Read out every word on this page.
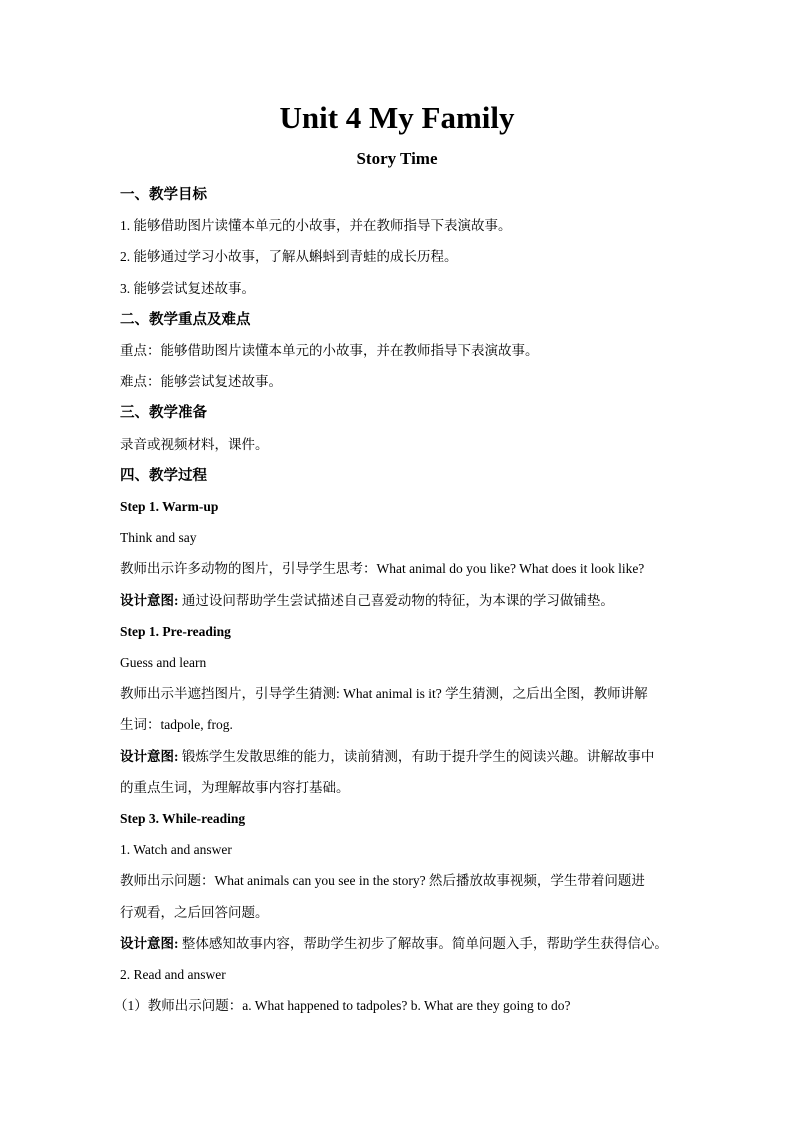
Unit 4 My Family
Story Time
一、教学目标
1. 能够借助图片读懂本单元的小故事，并在教师指导下表演故事。
2. 能够通过学习小故事，了解从蝌蚪到青蛙的成长历程。
3. 能够尝试复述故事。
二、教学重点及难点
重点：能够借助图片读懂本单元的小故事，并在教师指导下表演故事。
难点：能够尝试复述故事。
三、教学准备
录音或视频材料，课件。
四、教学过程
Step 1. Warm-up
Think and say
教师出示许多动物的图片，引导学生思考：What animal do you like? What does it look like?
设计意图: 通过设问帮助学生尝试描述自己喜爱动物的特征，为本课的学习做铺垫。
Step 1. Pre-reading
Guess and learn
教师出示半遮挡图片，引导学生猜测: What animal is it? 学生猜测，之后出全图，教师讲解
生词：tadpole, frog.
设计意图: 锻炼学生发散思维的能力，读前猜测，有助于提升学生的阅读兴趣。讲解故事中
的重点生词，为理解故事内容打基础。
Step 3. While-reading
1. Watch and answer
教师出示问题：What animals can you see in the story? 然后播放故事视频，学生带着问题进
行观看，之后回答问题。
设计意图: 整体感知故事内容，帮助学生初步了解故事。简单问题入手，帮助学生获得信心。
2. Read and answer
（1）教师出示问题：a. What happened to tadpoles? b. What are they going to do?
